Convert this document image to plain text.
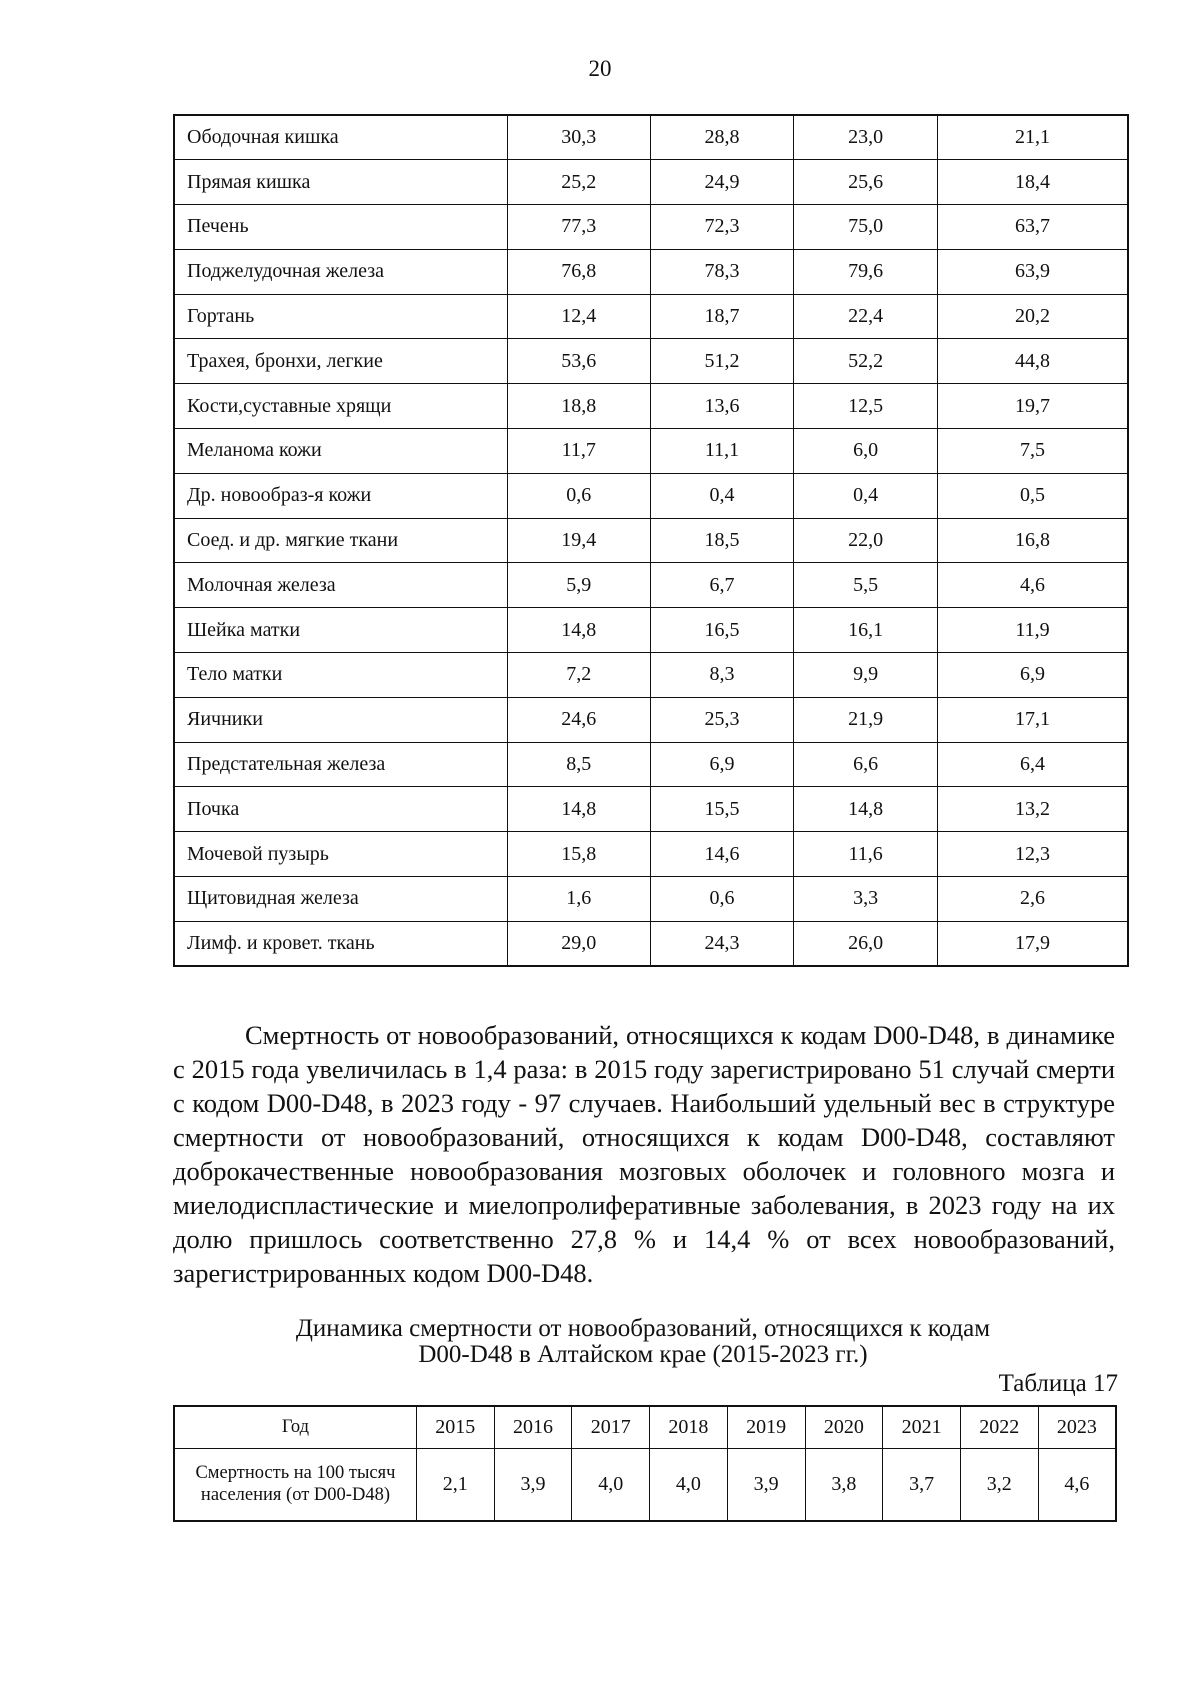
20
Ободочная кишка	30,3	28,8	23,0	21,1
Прямая кишка	25,2	24,9	25,6	18,4
Печень	77,3	72,3	75,0	63,7
Поджелудочная железа	76,8	78,3	79,6	63,9
Гортань	12,4	18,7	22,4	20,2
Трахея, бронхи, легкие	53,6	51,2	52,2	44,8
Кости,суставные хрящи	18,8	13,6	12,5	19,7
Меланома кожи	11,7	11,1	6,0	7,5
Др. новообраз-я кожи	0,6	0,4	0,4	0,5
Соед. и др. мягкие ткани	19,4	18,5	22,0	16,8
Молочная железа	5,9	6,7	5,5	4,6
Шейка матки	14,8	16,5	16,1	11,9
Тело матки	7,2	8,3	9,9	6,9
Яичники	24,6	25,3	21,9	17,1
Предстательная железа	8,5	6,9	6,6	6,4
Почка	14,8	15,5	14,8	13,2
Мочевой пузырь	15,8	14,6	11,6	12,3
Щитовидная железа	1,6	0,6	3,3	2,6
Лимф. и кровет. ткань	29,0	24,3	26,0	17,9

Смертность от новообразований, относящихся к кодам D00-D48, в динамике с 2015 года увеличилась в 1,4 раза: в 2015 году зарегистрировано 51 случай смерти с кодом D00-D48, в 2023 году - 97 случаев. Наибольший удельный вес в структуре смертности от новообразований, относящихся к кодам D00-D48, составляют доброкачественные новообразования мозговых оболочек и головного мозга и миелодиспластические и миелопролиферативные заболевания, в 2023 году на их долю пришлось соответственно 27,8 % и 14,4 % от всех новообразований, зарегистрированных кодом D00-D48.

Динамика смертности от новообразований, относящихся к кодам
D00-D48 в Алтайском крае (2015-2023 гг.)
Таблица 17
Год	2015	2016	2017	2018	2019	2020	2021	2022	2023
Смертность на 100 тысяч населения (от D00-D48)	2,1	3,9	4,0	4,0	3,9	3,8	3,7	3,2	4,6
